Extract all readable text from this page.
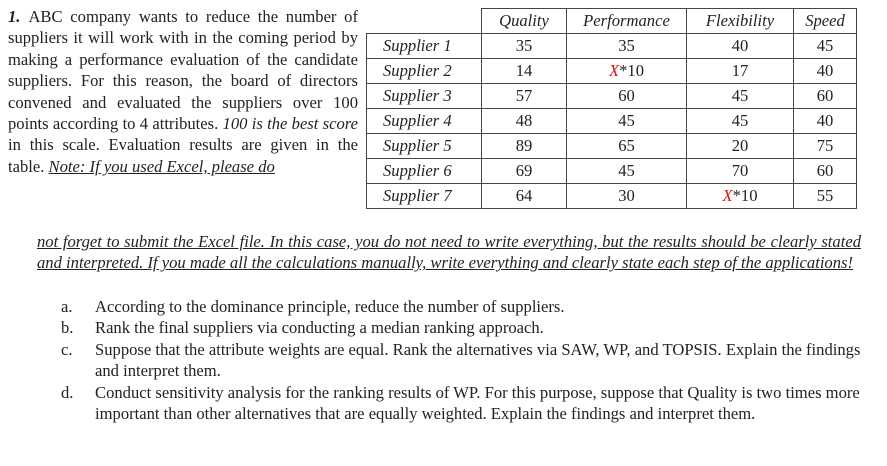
1. ABC company wants to reduce the number of suppliers it will work with in the coming period by making a performance evaluation of the candidate suppliers. For this reason, the board of directors convened and evaluated the suppliers over 100 points according to 4 attributes. 100 is the best score in this scale. Evaluation results are given in the table. Note: If you used Excel, please do
	Quality	Performance	Flexibility	Speed
Supplier 1	35	35	40	45
Supplier 2	14	X*10	17	40
Supplier 3	57	60	45	60
Supplier 4	48	45	45	40
Supplier 5	89	65	20	75
Supplier 6	69	45	70	60
Supplier 7	64	30	X*10	55
not forget to submit the Excel file. In this case, you do not need to write everything, but the results should be clearly stated and interpreted. If you made all the calculations manually, write everything and clearly state each step of the applications!
a. According to the dominance principle, reduce the number of suppliers.
b. Rank the final suppliers via conducting a median ranking approach.
c. Suppose that the attribute weights are equal. Rank the alternatives via SAW, WP, and TOPSIS. Explain the findings and interpret them.
d. Conduct sensitivity analysis for the ranking results of WP. For this purpose, suppose that Quality is two times more important than other alternatives that are equally weighted. Explain the findings and interpret them.
